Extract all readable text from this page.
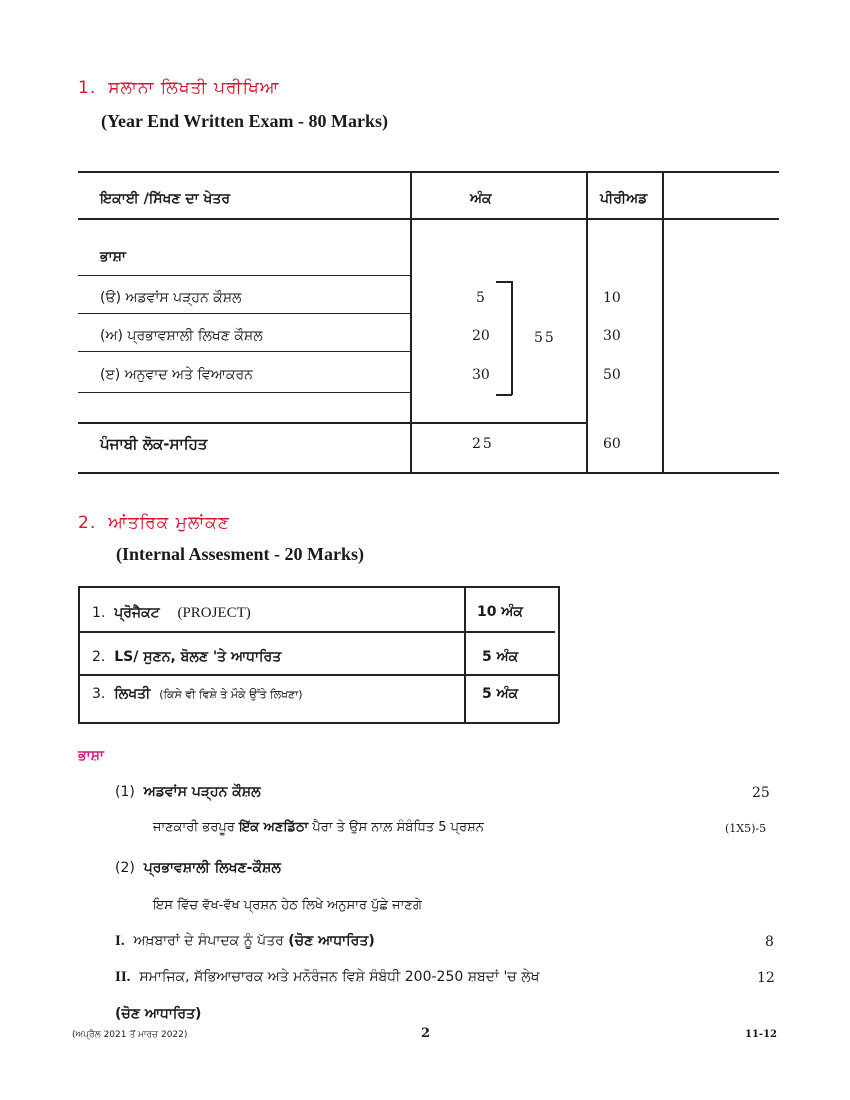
1. ਸਲਾਨਾ ਲਿਖਤੀ ਪਰੀਖਿਆ
(Year End Written Exam - 80 Marks)
ਇਕਾਈ /ਸਿੱਖਣ ਦਾ ਖੇਤਰ	ਅੰਕ	ਪੀਰੀਅਡ
ਭਾਸ਼ਾ
(ੳ) ਅਡਵਾਂਸ ਪੜ੍ਹਨ ਕੌਸ਼ਲ	5	10
(ਅ) ਪ੍ਰਭਾਵਸ਼ਾਲੀ ਲਿਖਣ ਕੌਸ਼ਲ	20	30
55
(ੲ) ਅਨੁਵਾਦ ਅਤੇ ਵਿਆਕਰਨ	30	50
ਪੰਜਾਬੀ ਲੋਕ-ਸਾਹਿਤ	25	60
2. ਆਂਤਰਿਕ ਮੁਲਾਂਕਣ
(Internal Assesment - 20 Marks)
1. ਪ੍ਰੋਜੈਕਟ (PROJECT)	10 ਅੰਕ
2. LS/ ਸੁਣਨ, ਬੋਲਣ 'ਤੇ ਆਧਾਰਿਤ	5 ਅੰਕ
3. ਲਿਖਤੀ (ਕਿਸੇ ਵੀ ਵਿਸ਼ੇ ਤੇ ਮੌਕੇ ਉੱਤੇ ਲਿਖਣਾ)	5 ਅੰਕ
ਭਾਸ਼ਾ
(1) ਅਡਵਾਂਸ ਪੜ੍ਹਨ ਕੌਸ਼ਲ	25
ਜਾਣਕਾਰੀ ਭਰਪੂਰ ਇੱਕ ਅਣਡਿੱਠਾ ਪੈਰਾ ਤੇ ਉਸ ਨਾਲ਼ ਸੰਬੰਧਿਤ 5 ਪ੍ਰਸ਼ਨ	(1X5)-5
(2) ਪ੍ਰਭਾਵਸ਼ਾਲੀ ਲਿਖਣ-ਕੌਸ਼ਲ
ਇਸ ਵਿੱਚ ਵੱਖ-ਵੱਖ ਪ੍ਰਸ਼ਨ ਹੇਠ ਲਿਖੇ ਅਨੁਸਾਰ ਪੁੱਛੇ ਜਾਣਗੇ
I. ਅਖ਼ਬਾਰਾਂ ਦੇ ਸੰਪਾਦਕ ਨੂੰ ਪੱਤਰ (ਚੋਣ ਆਧਾਰਿਤ)	8
II. ਸਮਾਜਿਕ, ਸੱਭਿਆਚਾਰਕ ਅਤੇ ਮਨੋਰੰਜਨ ਵਿਸ਼ੇ ਸੰਬੰਧੀ 200-250 ਸ਼ਬਦਾਂ 'ਚ ਲੇਖ	12
(ਚੋਣ ਆਧਾਰਿਤ)
(ਅਪ੍ਰੈਲ 2021 ਤੋਂ ਮਾਰਚ 2022)	2	11-12
